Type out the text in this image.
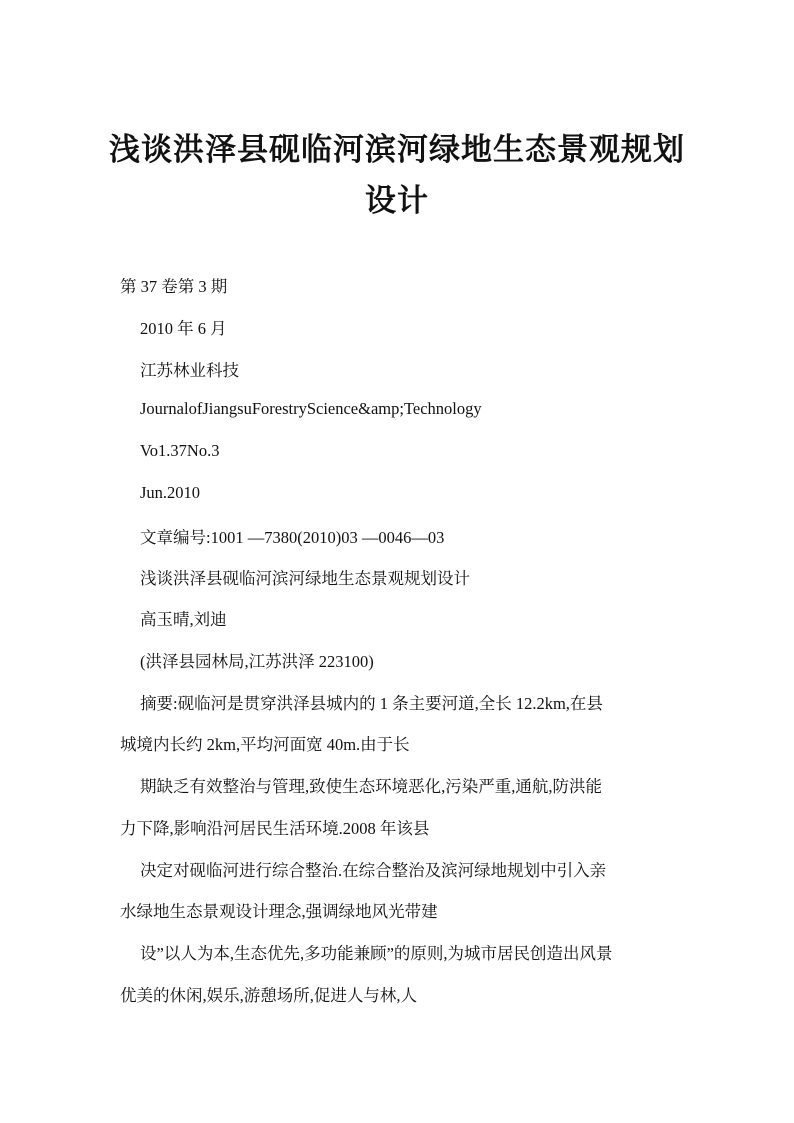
浅谈洪泽县砚临河滨河绿地生态景观规划
设计
第 37 卷第 3 期
2010 年 6 月
江苏林业科技
JournalofJiangsuForestryScience&amp;Technology
Vo1.37No.3
Jun.2010
文章编号:1001 —7380(2010)03 —0046—03
浅谈洪泽县砚临河滨河绿地生态景观规划设计
高玉晴,刘迪
(洪泽县园林局,江苏洪泽 223100)
摘要:砚临河是贯穿洪泽县城内的 1 条主要河道,全长 12.2km,在县
城境内长约 2km,平均河面宽 40m.由于长
期缺乏有效整治与管理,致使生态环境恶化,污染严重,通航,防洪能
力下降,影响沿河居民生活环境.2008 年该县
决定对砚临河进行综合整治.在综合整治及滨河绿地规划中引入亲
水绿地生态景观设计理念,强调绿地风光带建
设”以人为本,生态优先,多功能兼顾”的原则,为城市居民创造出风景
优美的休闲,娱乐,游憩场所,促进人与林,人
